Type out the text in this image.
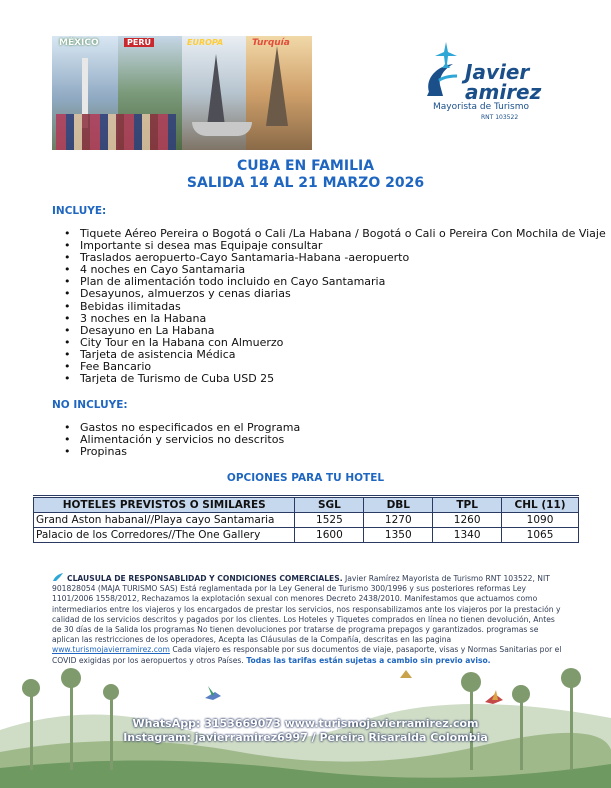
MÉXICO	PERÚ	EUROPA	Turquía
Javier
amirez
Mayorista de Turismo
RNT 103522
CUBA EN FAMILIA
SALIDA 14 AL 21 MARZO 2026
INCLUYE:
• Tiquete Aéreo Pereira o Bogotá o Cali /La Habana / Bogotá o Cali o Pereira Con Mochila de Viaje
• Importante si desea mas Equipaje consultar
• Traslados aeropuerto-Cayo Santamaria-Habana -aeropuerto
• 4 noches en Cayo Santamaria
• Plan de alimentación todo incluido en Cayo Santamaria
• Desayunos, almuerzos y cenas diarias
• Bebidas ilimitadas
• 3 noches en la Habana
• Desayuno en La Habana
• City Tour en la Habana con Almuerzo
• Tarjeta de asistencia Médica
• Fee Bancario
• Tarjeta de Turismo de Cuba USD 25
NO INCLUYE:
• Gastos no especificados en el Programa
• Alimentación y servicios no descritos
• Propinas
OPCIONES PARA TU HOTEL
HOTELES PREVISTOS O SIMILARES	SGL	DBL	TPL	CHL (11)
Grand Aston habanal//Playa cayo Santamaria	1525	1270	1260	1090
Palacio de los Corredores//The One Gallery	1600	1350	1340	1065
CLAUSULA DE RESPONSABLIDAD Y CONDICIONES COMERCIALES. Javier Ramírez Mayorista de Turismo RNT 103522, NIT 901828054 (MAJA TURISMO SAS) Está reglamentada por la Ley General de Turismo 300/1996 y sus posteriores reformas Ley 1101/2006 1558/2012, Rechazamos la explotación sexual con menores Decreto 2438/2010. Manifestamos que actuamos como intermediarios entre los viajeros y los encargados de prestar los servicios, nos responsabilizamos ante los viajeros por la prestación y calidad de los servicios descritos y pagados por los clientes. Los Hoteles y Tiquetes comprados en línea no tienen devolución, Antes de 30 días de la Salida los programas No tienen devoluciones por tratarse de programa prepagos y garantizados. programas se aplican las restricciones de los operadores, Acepta las Cláusulas de la Compañía, descritas en las pagina www.turismojavierramirez.com Cada viajero es responsable por sus documentos de viaje, pasaporte, visas y Normas Sanitarias por el COVID exigidas por los aeropuertos y otros Países. Todas las tarifas están sujetas a cambio sin previo aviso.
WhatsApp: 3153669073 www.turismojavierramirez.com
Instagram: javierramirez6997 / Pereira Risaralda Colombia
